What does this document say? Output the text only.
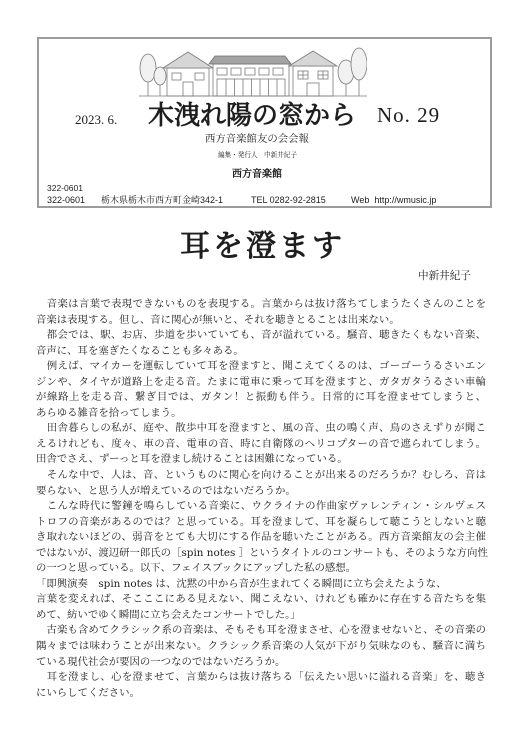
2023. 6. 木洩れ陽の窓から No. 29
西方音楽館友の会会報
編集・発行人　中新井紀子
西方音楽館
322-0601
322-0601 栃木県栃木市西方町金崎342-1	TEL 0282-92-2815	Web  http://wmusic.jp
耳を澄ます
中新井紀子
　音楽は言葉で表現できないものを表現する。言葉からは抜け落ちてしまうたくさんのことを
音楽は表現する。但し、音に関心が無いと、それを聴きとることは出来ない。
　都会では、駅、お店、歩道を歩いていても、音が溢れている。騒音、聴きたくもない音楽、
音声に、耳を塞ぎたくなることも多々ある。
　例えば、マイカーを運転していて耳を澄ますと、聞こえてくるのは、ゴーゴーうるさいエン
ジンや、タイヤが道路上を走る音。たまに電車に乗って耳を澄ますと、ガタガタうるさい車輪
が線路上を走る音、繋ぎ目では、ガタン！と振動も伴う。日常的に耳を澄ませてしまうと、
あらゆる雑音を拾ってしまう。
　田舎暮らしの私が、庭や、散歩中耳を澄ますと、風の音、虫の鳴く声、鳥のさえずりが聞こ
えるけれども、度々、車の音、電車の音、時に自衛隊のヘリコプターの音で遮られてしまう。
田舎でさえ、ずーっと耳を澄まし続けることは困難になっている。
　そんな中で、人は、音、というものに関心を向けることが出来るのだろうか？むしろ、音は
要らない、と思う人が増えているのではないだろうか。
　こんな時代に警鐘を鳴らしている音楽に、ウクライナの作曲家ヴァレンティン・シルヴェス
トロフの音楽があるのでは？と思っている。耳を澄まして、耳を凝らして聴こうとしないと聴
き取れないほどの、弱音をとても大切にする作品を聴いたことがある。西方音楽館友の会主催
ではないが、渡辺研一郎氏の［spin notes ］というタイトルのコンサートも、そのような方向性
の一つと思っている。以下、フェイスブックにアップした私の感想。
「即興演奏　spin notes は、沈黙の中から音が生まれてくる瞬間に立ち会えたような、
言葉を変えれば、そこここにある見えない、聞こえない、けれども確かに存在する音たちを集
めて、紡いでゆく瞬間に立ち会えたコンサートでした。」
　古楽も含めてクラシック系の音楽は、そもそも耳を澄まさせ、心を澄ませないと、その音楽の
隅々までは味わうことが出来ない。クラシック系音楽の人気が下がり気味なのも、騒音に満ち
ている現代社会が要因の一つなのではないだろうか。
　耳を澄まし、心を澄ませて、言葉からは抜け落ちる「伝えたい思いに溢れる音楽」を、聴き
にいらしてください。
